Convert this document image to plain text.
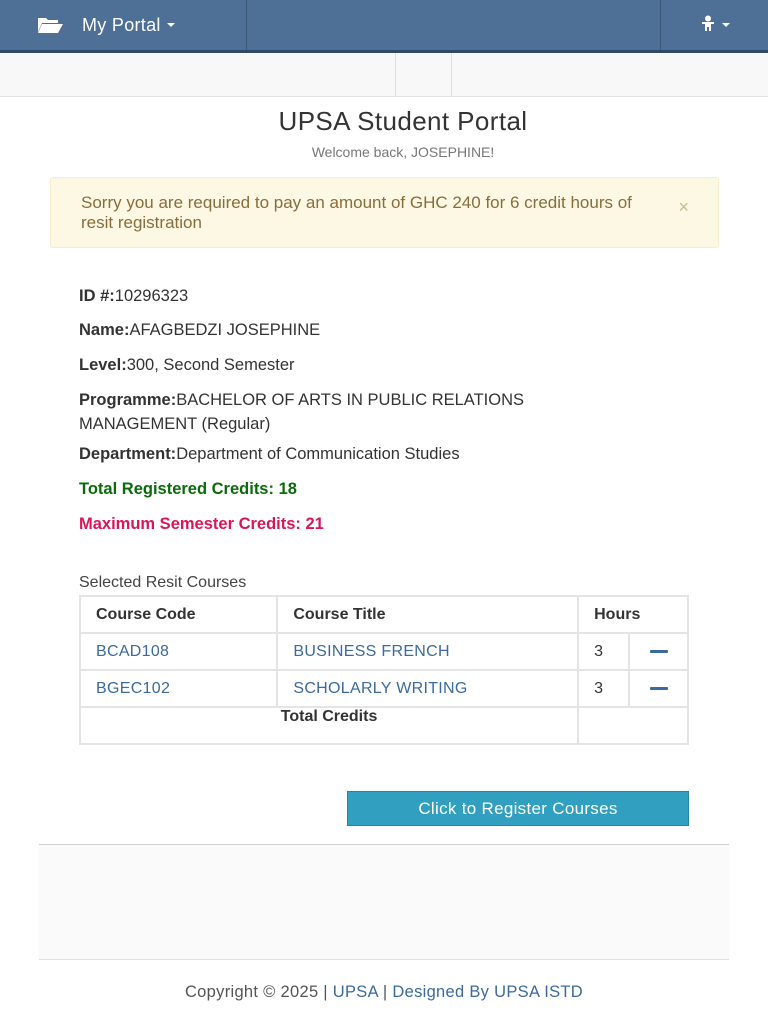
My Portal
UPSA Student Portal
Welcome back, JOSEPHINE!
Sorry you are required to pay an amount of GHC 240 for 6 credit hours of resit registration
×
ID #:10296323
Name:AFAGBEDZI JOSEPHINE
Level:300, Second Semester
Programme:BACHELOR OF ARTS IN PUBLIC RELATIONS MANAGEMENT (Regular)
Department:Department of Communication Studies
Total Registered Credits: 18
Maximum Semester Credits: 21
Selected Resit Courses
Course Code	Course Title	Hours	
BCAD108	BUSINESS FRENCH	3	
BGEC102	SCHOLARLY WRITING	3	
Total Credits			
Click to Register Courses
Copyright © 2025 | UPSA | Designed By UPSA ISTD
